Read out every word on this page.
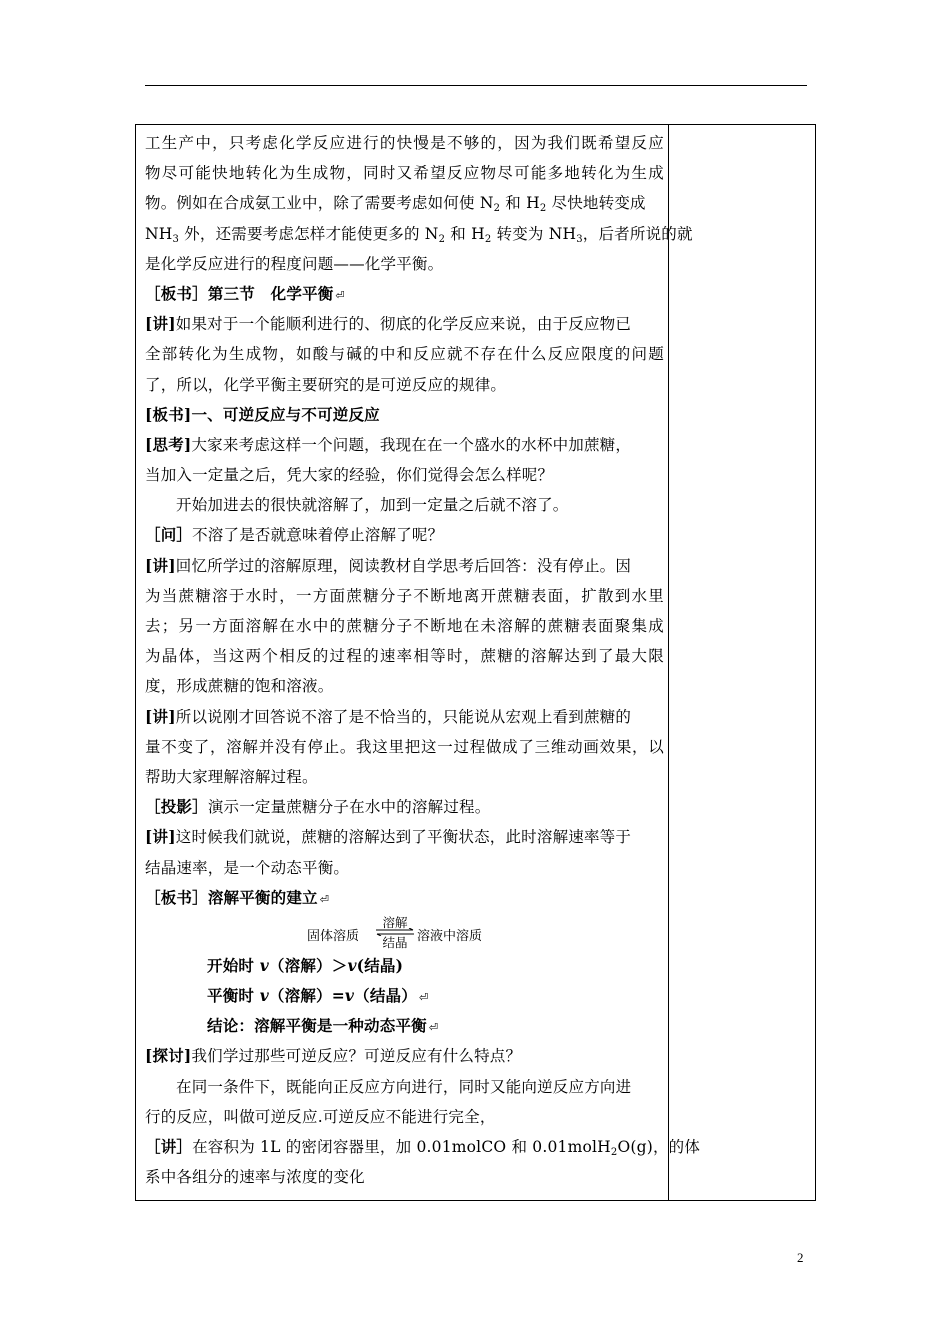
工生产中，只考虑化学反应进行的快慢是不够的，因为我们既希望反应
物尽可能快地转化为生成物，同时又希望反应物尽可能多地转化为生成
物。例如在合成氨工业中，除了需要考虑如何使 $N_2$ 和 $H_2$ 尽快地转变成
$NH_3$ 外，还需要考虑怎样才能使更多的 $N_2$ 和 $H_2$ 转变为 $NH_3$，后者所说的就
是化学反应进行的程度问题——化学平衡。
［板书］第三节　化学平衡 ⏎
[讲]如果对于一个能顺利进行的、彻底的化学反应来说，由于反应物已
全部转化为生成物，如酸与碱的中和反应就不存在什么反应限度的问题
了，所以，化学平衡主要研究的是可逆反应的规律。
[板书]一、可逆反应与不可逆反应
[思考]大家来考虑这样一个问题，我现在在一个盛水的水杯中加蔗糖，
当加入一定量之后，凭大家的经验，你们觉得会怎么样呢？
开始加进去的很快就溶解了，加到一定量之后就不溶了。
［问］不溶了是否就意味着停止溶解了呢？
[讲]回忆所学过的溶解原理，阅读教材自学思考后回答：没有停止。因
为当蔗糖溶于水时，一方面蔗糖分子不断地离开蔗糖表面，扩散到水里
去；另一方面溶解在水中的蔗糖分子不断地在未溶解的蔗糖表面聚集成
为晶体，当这两个相反的过程的速率相等时，蔗糖的溶解达到了最大限
度，形成蔗糖的饱和溶液。
[讲]所以说刚才回答说不溶了是不恰当的，只能说从宏观上看到蔗糖的
量不变了，溶解并没有停止。我这里把这一过程做成了三维动画效果，以
帮助大家理解溶解过程。
［投影］演示一定量蔗糖分子在水中的溶解过程。
[讲]这时候我们就说，蔗糖的溶解达到了平衡状态，此时溶解速率等于
结晶速率，是一个动态平衡。
［板书］溶解平衡的建立 ⏎
固体溶质
溶解
结晶 溶液中溶质
开始时 v（溶解）＞v(结晶)
平衡时 v（溶解）=v（结晶） ⏎
结论：溶解平衡是一种动态平衡 ⏎
[探讨]我们学过那些可逆反应？可逆反应有什么特点？
在同一条件下，既能向正反应方向进行，同时又能向逆反应方向进
行的反应，叫做可逆反应.可逆反应不能进行完全，
［讲］在容积为 1L 的密闭容器里，加 0.01molCO 和 0.01molH$_2$O(g)，的体
系中各组分的速率与浓度的变化
2
